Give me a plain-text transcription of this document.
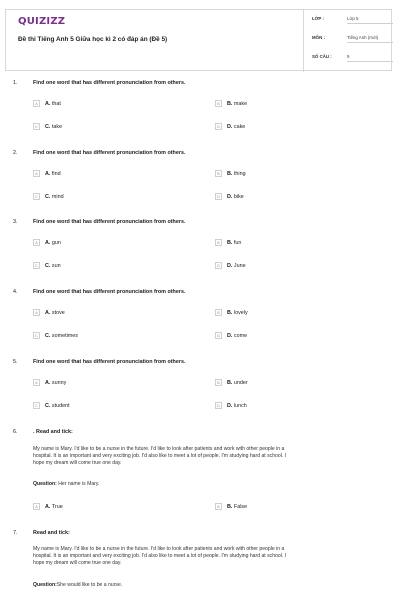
QUIZIZZ
Đề thi Tiếng Anh 5 Giữa học kì 2 có đáp án (Đề 5)
LỚP :	Lớp 5
MÔN :	Tiếng Anh (mới)
SỐ CÂU :	9
1.	Find one word that has different pronunciation from others.
A	A. that	B	B. make
C	C. take	D	D. cake
2.	Find one word that has different pronunciation from others.
A	A. find	B	B. thing
C	C. mind	D	D. bike
3.	Find one word that has different pronunciation from others.
A	A. gun	B	B. fun
C	C. sun	D	D. June
4.	Find one word that has different pronunciation from others.
A	A. stove	B	B. lovely
C	C. sometimes	D	D. come
5.	Find one word that has different pronunciation from others.
A	A. sunny	B	B. under
C	C. student	D	D. lunch
6.	. Read and tick:
My name is Mary. I'd like to be a nurse in the future. I'd like to look after patients and work with other people in a
hospital. It is an important and very exciting job. I'd also like to meet a lot of people. I'm studying hard at school. I
hope my dream will come true one day.
Question: Her name is Mary.
A	A. True	B	B. False
7.	Read and tick:
My name is Mary. I'd like to be a nurse in the future. I'd like to look after patients and work with other people in a
hospital. It is an important and very exciting job. I'd also like to meet a lot of people. I'm studying hard at school. I
hope my dream will come true one day.
Question:She would like to be a nurse.
